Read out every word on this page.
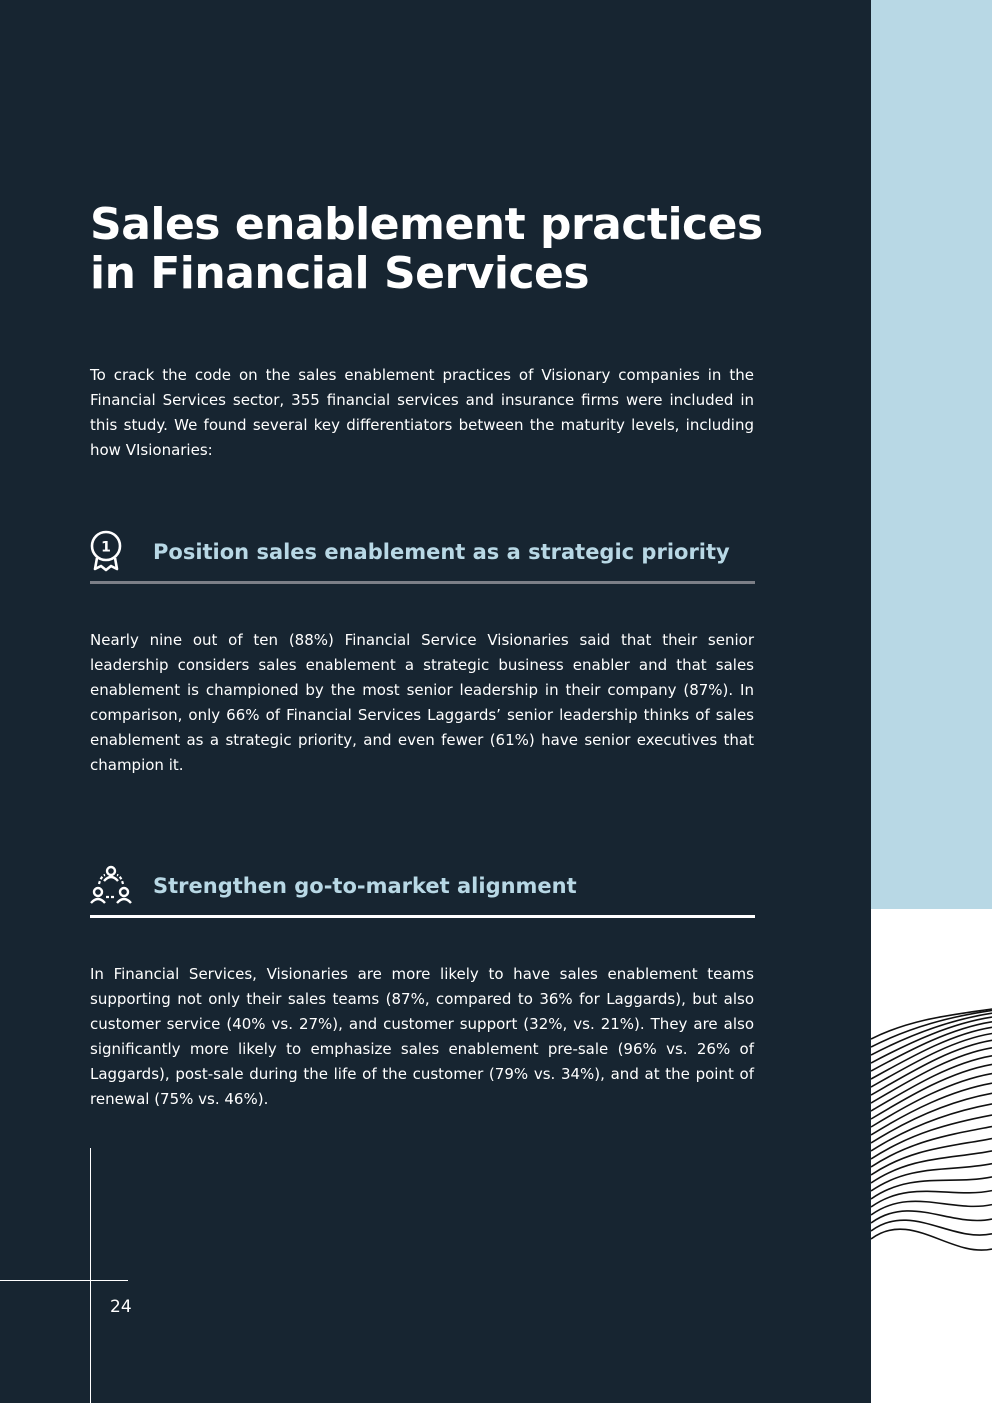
Sales enablement practices in Financial Services

To crack the code on the sales enablement practices of Visionary companies in the Financial Services sector, 355 financial services and insurance firms were included in this study. We found several key differentiators between the maturity levels, including how VIsionaries:

1 Position sales enablement as a strategic priority

Nearly nine out of ten (88%) Financial Service Visionaries said that their senior leadership considers sales enablement a strategic business enabler and that sales enablement is championed by the most senior leadership in their company (87%). In comparison, only 66% of Financial Services Laggards’ senior leadership thinks of sales enablement as a strategic priority, and even fewer (61%) have senior executives that champion it.

Strengthen go-to-market alignment

In Financial Services, Visionaries are more likely to have sales enablement teams supporting not only their sales teams (87%, compared to 36% for Laggards), but also customer service (40% vs. 27%), and customer support (32%, vs. 21%). They are also significantly more likely to emphasize sales enablement pre-sale (96% vs. 26% of Laggards), post-sale during the life of the customer (79% vs. 34%), and at the point of renewal (75% vs. 46%).

24
